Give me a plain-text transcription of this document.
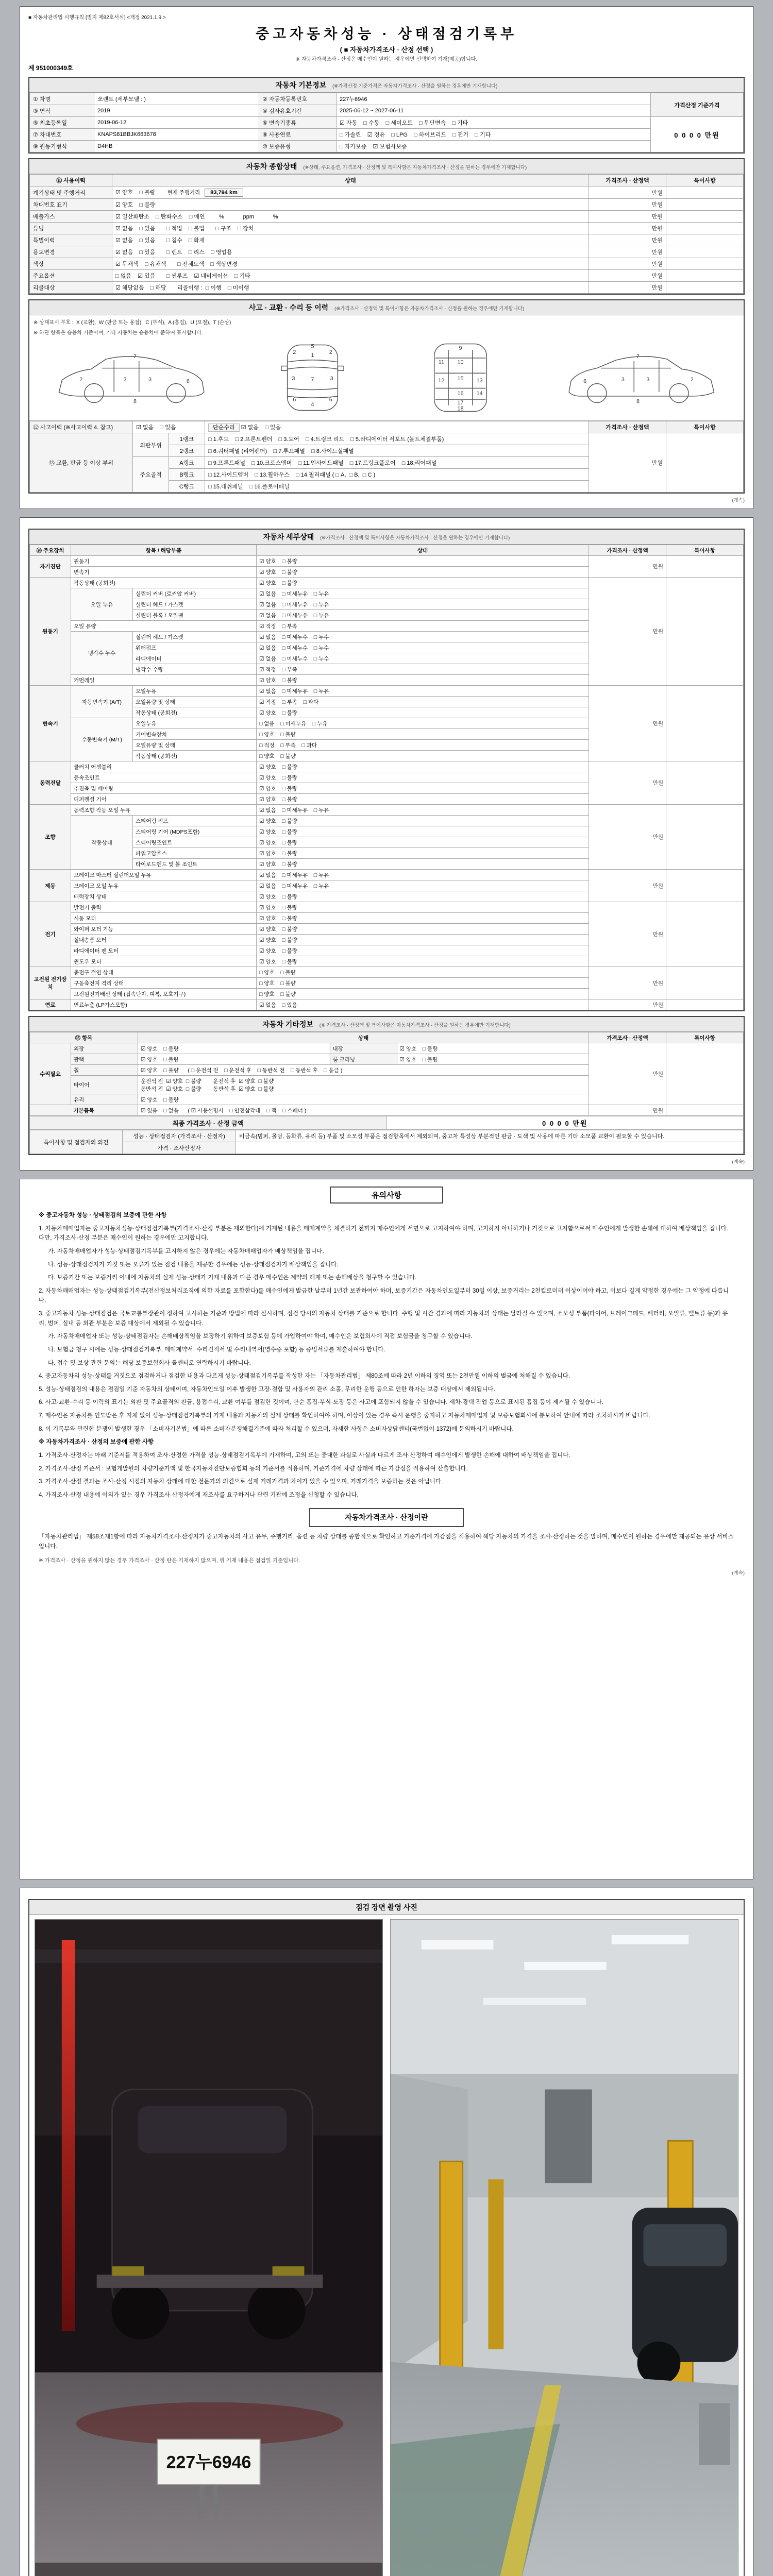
■ 자동차관리법 시행규칙 [별지 제82호서식] <개정 2021.1.9.>
중고자동차성능 · 상태점검기록부
( ■ 자동차가격조사 · 산정 선택 )
※ 자동차가격조사 · 산정은 매수인이 원하는 경우에만 선택하여 기재(제공)합니다.
제 951000349호
자동차 기본정보 (※가격산정 기준가격은 자동차가격조사 · 산정을 원하는 경우에만 기재합니다)
① 차명	쏘렌토 (세부모델 : )	② 자동차등록번호	227누6946	가격산정 기준가격
③ 연식	2019	④ 검사유효기간	2025-06-12 ~ 2027-06-11	
⑤ 최초등록일	2019-06-12	⑥ 변속기종류	☑ 자동    □ 수동    □ 세미오토    □ 무단변속    □ 기타	0 0 0 0 만원
⑦ 차대번호	KNAPS81BBJK663678	⑧ 사용연료	□ 가솔린    ☑ 경유    □ LPG    □ 하이브리드    □ 전기    □ 기타	
⑨ 원동기형식	D4HB	⑩ 보증유형	□ 자가보증    ☑ 보험사보증	
자동차 종합상태 (※상태, 주요옵션, 가격조사 · 산정액 및 특이사항은 자동차가격조사 · 산정을 원하는 경우에만 기재합니다)
⑪ 사용이력	상태	가격조사 · 산정액	특이사항
계기상태 및 주행거리	☑ 양호    □ 불량 현재 주행거리 83,794 km	만원	
차대번호 표기	☑ 양호    □ 불량	만원	
배출가스	☑ 일산화탄소    □ 탄화수소    □ 매연         %            ppm            %	만원	
튜닝	☑ 없음    □ 있음       □ 적법    □ 불법       □ 구조    □ 장치	만원	
특별이력	☑ 없음    □ 있음       □ 침수    □ 화재	만원	
용도변경	☑ 없음    □ 있음       □ 렌트    □ 리스    □ 영업용	만원	
색상	☑ 무채색    □ 유채색       □ 전체도색    □ 색상변경	만원	
주요옵션	□ 없음    ☑ 있음       □ 썬루프    ☑ 네비게이션    □ 기타	만원	
리콜대상	☑ 해당없음    □ 해당       리콜이행 :  □ 이행    □ 미이행	만원	
사고 · 교환 · 수리 등 이력 (※가격조사 · 산정액 및 특이사항은 자동차가격조사 · 산정을 원하는 경우에만 기재합니다)
※ 상태표시 부호 :  X (교환),  W (판금 또는 용접),  C (부식),  A (흠집),  U (요철),  T (손상)
※ 하단 항목은 승용차 기준이며, 기타 자동차는 승용차에 준하여 표시합니다.
2	3	3	6
7
8
5
1
2	2
7
3	3
6	6
4
9
10
11
12	13
14
15
16
17
18
2
3
3
6
7
8
⑫ 사고이력 (※사고이력 4. 참고)	☑ 없음    □ 있음		단순수리 ☑ 없음    □ 있음	가격조사 · 산정액	특이사항
⑬ 교환, 판금 등 이상 부위	외판부위	1랭크	□ 1.후드    □ 2.프론트펜더    □ 3.도어    □ 4.트렁크 리드    □ 5.라디에이터 서포트 (볼트체결부품)	만원	
		2랭크	□ 6.쿼터패널 (리어펜더)    □ 7.루프패널    □ 8.사이드실패널		
	주요골격	A랭크	□ 9.프론트패널    □ 10.크로스멤버    □ 11.인사이드패널    □ 17.트렁크플로어    □ 18.리어패널		
		B랭크	□ 12.사이드멤버    □ 13.휠하우스    □ 14.필러패널 ( □ A,  □ B,  □ C )		
		C랭크	□ 15.대쉬패널    □ 16.플로어패널		
(계속)
자동차 세부상태 (※가격조사 · 산정액 및 특이사항은 자동차가격조사 · 산정을 원하는 경우에만 기재합니다)
⑭ 주요장치	항목 / 해당부품		상태	가격조사 · 산정액	특이사항
자기진단	원동기		☑ 양호    □ 불량	만원	
	변속기		☑ 양호    □ 불량		
원동기	작동상태 (공회전)		☑ 양호    □ 불량	만원	
	오일 누유	실린더 커버 (로커암 커버)	☑ 없음    □ 미세누유    □ 누유		
		실린더 헤드 / 가스켓	☑ 없음    □ 미세누유    □ 누유		
		실린더 블록 / 오일팬	☑ 없음    □ 미세누유    □ 누유		
	오일 유량		☑ 적정    □ 부족		
	냉각수 누수	실린더 헤드 / 가스켓	☑ 없음    □ 미세누수    □ 누수		
		워터펌프	☑ 없음    □ 미세누수    □ 누수		
		라디에이터	☑ 없음    □ 미세누수    □ 누수		
		냉각수 수량	☑ 적정    □ 부족		
	커먼레일		☑ 양호    □ 불량		
변속기	자동변속기 (A/T)	오일누유	☑ 없음    □ 미세누유    □ 누유	만원	
		오일유량 및 상태	☑ 적정    □ 부족    □ 과다		
		작동상태 (공회전)	☑ 양호    □ 불량		
	수동변속기 (M/T)	오일누유	□ 없음    □ 미세누유    □ 누유		
		기어변속장치	□ 양호    □ 불량		
		오일유량 및 상태	□ 적정    □ 부족    □ 과다		
		작동상태 (공회전)	□ 양호    □ 불량		
동력전달	클러치 어셈블리		☑ 양호    □ 불량	만원	
	등속조인트		☑ 양호    □ 불량		
	추진축 및 베어링		☑ 양호    □ 불량		
	디퍼렌셜 기어		☑ 양호    □ 불량		
조향	동력조향 작동 오일 누유		☑ 없음    □ 미세누유    □ 누유	만원	
	작동상태	스티어링 펌프	☑ 양호    □ 불량		
		스티어링 기어 (MDPS포함)	☑ 양호    □ 불량		
		스티어링조인트	☑ 양호    □ 불량		
		파워고압호스	☑ 양호    □ 불량		
		타이로드엔드 및 볼 조인트	☑ 양호    □ 불량		
제동	브레이크 마스터 실린더오일 누유		☑ 없음    □ 미세누유    □ 누유	만원	
	브레이크 오일 누유		☑ 없음    □ 미세누유    □ 누유		
	배력장치 상태		☑ 양호    □ 불량		
전기	발전기 출력		☑ 양호    □ 불량	만원	
	시동 모터		☑ 양호    □ 불량		
	와이퍼 모터 기능		☑ 양호    □ 불량		
	실내송풍 모터		☑ 양호    □ 불량		
	라디에이터 팬 모터		☑ 양호    □ 불량		
	윈도우 모터		☑ 양호    □ 불량		
고전원 전기장치	충전구 절연 상태		□ 양호    □ 불량	만원	
	구동축전지 격리 상태		□ 양호    □ 불량		
	고전원전기배선 상태 (접속단자, 피복, 보호기구)		□ 양호    □ 불량		
연료	연료누출 (LP가스포함)		☑ 없음    □ 있음	만원	
자동차 기타정보 (※ 가격조사 · 산정액 및 특이사항은 자동차가격조사 · 산정을 원하는 경우에만 기재합니다)
⑮ 항목		상태			가격조사 · 산정액	특이사항
수리필요	외장	☑ 양호    □ 불량	내장	☑ 양호    □ 불량	만원	
	광택	☑ 양호    □ 불량	룸 크리닝	☑ 양호    □ 불량		
	휠	☑ 양호    □ 불량      ( □ 운전석 전    □ 운전석 후    □ 동반석 전    □ 동반석 후    □ 응급 )				
	타이어	운전석 전  ☑ 양호  □ 불량        운전석 후  ☑ 양호  □ 불량
동반석 전  ☑ 양호  □ 불량        동반석 후  ☑ 양호  □ 불량				

	유리	☑ 양호    □ 불량				
기본품목		☑ 있음    □ 없음      ( ☑ 사용설명서    □ 안전삼각대    □ 잭    □ 스패너 )			만원	
최종 가격조사 · 산정 금액	0 0 0 0 만원
특이사항 및 점검자의 의견	성능 · 상태점검자 (가격조사 · 산정자)	비금속(범퍼, 몰딩, 등화류, 유리 등) 부품 및 소모성 부품은 점검항목에서 제외되며, 중고차 특성상 부분적인 판금 · 도색 및 사용에 따른 기타 소모품 교환이 필요할 수 있습니다.
	가격 · 조사산정자	
(계속)
유의사항

※ 중고자동차 성능 · 상태점검의 보증에 관한 사항

1. 자동차매매업자는 중고자동차성능·상태점검기록부(가격조사·산정 부분은 제외한다)에 기재된 내용을 매매계약을 체결하기 전까지 매수인에게 서면으로 고지하여야 하며, 고지하지 아니하거나 거짓으로 고지함으로써 매수인에게 발생한 손해에 대하여 배상책임을 집니다. 다만, 가격조사·산정 부분은 매수인이 원하는 경우에만 고지합니다.

가. 자동차매매업자가 성능·상태점검기록부를 고지하지 않은 경우에는 자동차매매업자가 배상책임을 집니다.

나. 성능·상태점검자가 거짓 또는 오류가 있는 점검 내용을 제공한 경우에는 성능·상태점검자가 배상책임을 집니다.

다. 보증기간 또는 보증거리 이내에 자동차의 실제 성능·상태가 기재 내용과 다른 경우 매수인은 계약의 해제 또는 손해배상을 청구할 수 있습니다.

2. 자동차매매업자는 성능·상태점검기록부(전산정보처리조직에 의한 자료를 포함한다)를 매수인에게 발급한 날부터 1년간 보관하여야 하며, 보증기간은 자동차인도일부터 30일 이상, 보증거리는 2천킬로미터 이상이어야 하고, 이보다 길게 약정한 경우에는 그 약정에 따릅니다.

3. 중고자동차 성능·상태점검은 국토교통부장관이 정하여 고시하는 기준과 방법에 따라 실시하며, 점검 당시의 자동차 상태를 기준으로 합니다. 주행 및 시간 경과에 따라 자동차의 상태는 달라질 수 있으며, 소모성 부품(타이어, 브레이크패드, 배터리, 오일류, 벨트류 등)과 유리, 범퍼, 실내 등 외관 부분은 보증 대상에서 제외될 수 있습니다.

가. 자동차매매업자 또는 성능·상태점검자는 손해배상책임을 보장하기 위하여 보증보험 등에 가입하여야 하며, 매수인은 보험회사에 직접 보험금을 청구할 수 있습니다.

나. 보험금 청구 시에는 성능·상태점검기록부, 매매계약서, 수리견적서 및 수리내역서(영수증 포함) 등 증빙서류를 제출하여야 합니다.

다. 접수 및 보상 관련 문의는 해당 보증보험회사 콜센터로 연락하시기 바랍니다.

4. 중고자동차의 성능·상태를 거짓으로 점검하거나 점검한 내용과 다르게 성능·상태점검기록부를 작성한 자는 「자동차관리법」 제80조에 따라 2년 이하의 징역 또는 2천만원 이하의 벌금에 처해질 수 있습니다.

5. 성능·상태점검의 내용은 점검일 기준 자동차의 상태이며, 자동차인도일 이후 발생한 고장·결함 및 사용자의 관리 소홀, 무리한 운행 등으로 인한 하자는 보증 대상에서 제외됩니다.

6. 사고·교환·수리 등 이력의 표기는 외판 및 주요골격의 판금, 용접수리, 교환 여부를 점검한 것이며, 단순 흠집·부식·도장 등은 사고에 포함되지 않을 수 있습니다. 세차·광택 작업 등으로 표시된 흠집 등이 제거될 수 있습니다.

7. 매수인은 자동차를 인도받은 후 지체 없이 성능·상태점검기록부의 기재 내용과 자동차의 실제 상태를 확인하여야 하며, 이상이 있는 경우 즉시 운행을 중지하고 자동차매매업자 및 보증보험회사에 통보하여 안내에 따라 조치하시기 바랍니다.

8. 이 기록부와 관련한 분쟁이 발생한 경우 「소비자기본법」에 따른 소비자분쟁해결기준에 따라 처리할 수 있으며, 자세한 사항은 소비자상담센터(국번없이 1372)에 문의하시기 바랍니다.

※ 자동차가격조사 · 산정의 보증에 관한 사항

1. 가격조사·산정자는 아래 기준서를 적용하여 조사·산정한 가격을 성능·상태점검기록부에 기재하며, 고의 또는 중대한 과실로 사실과 다르게 조사·산정하여 매수인에게 발생한 손해에 대하여 배상책임을 집니다.

2. 가격조사·산정 기준서 : 보험개발원의 차량기준가액 및 한국자동차진단보증협회 등의 기준서를 적용하며, 기준가격에 차량 상태에 따른 가감점을 적용하여 산출합니다.

3. 가격조사·산정 결과는 조사·산정 시점의 자동차 상태에 대한 전문가의 의견으로 실제 거래가격과 차이가 있을 수 있으며, 거래가격을 보증하는 것은 아닙니다.

4. 가격조사·산정 내용에 이의가 있는 경우 가격조사·산정자에게 재조사를 요구하거나 관련 기관에 조정을 신청할 수 있습니다.

자동차가격조사 · 산정이란

「자동차관리법」 제58조제1항에 따라 자동차가격조사·산정자가 중고자동차의 사고 유무, 주행거리, 옵션 등 차량 상태를 종합적으로 확인하고 기준가격에 가감점을 적용하여 해당 자동차의 가격을 조사·산정하는 것을 말하며, 매수인이 원하는 경우에만 제공되는 유상 서비스입니다.

※ 가격조사 · 산정을 원하지 않는 경우 가격조사 · 산정 란은 기재하지 않으며, 위 기재 내용은 점검일 기준입니다.
(계속)
점검 장면 촬영 사진
227누6946
